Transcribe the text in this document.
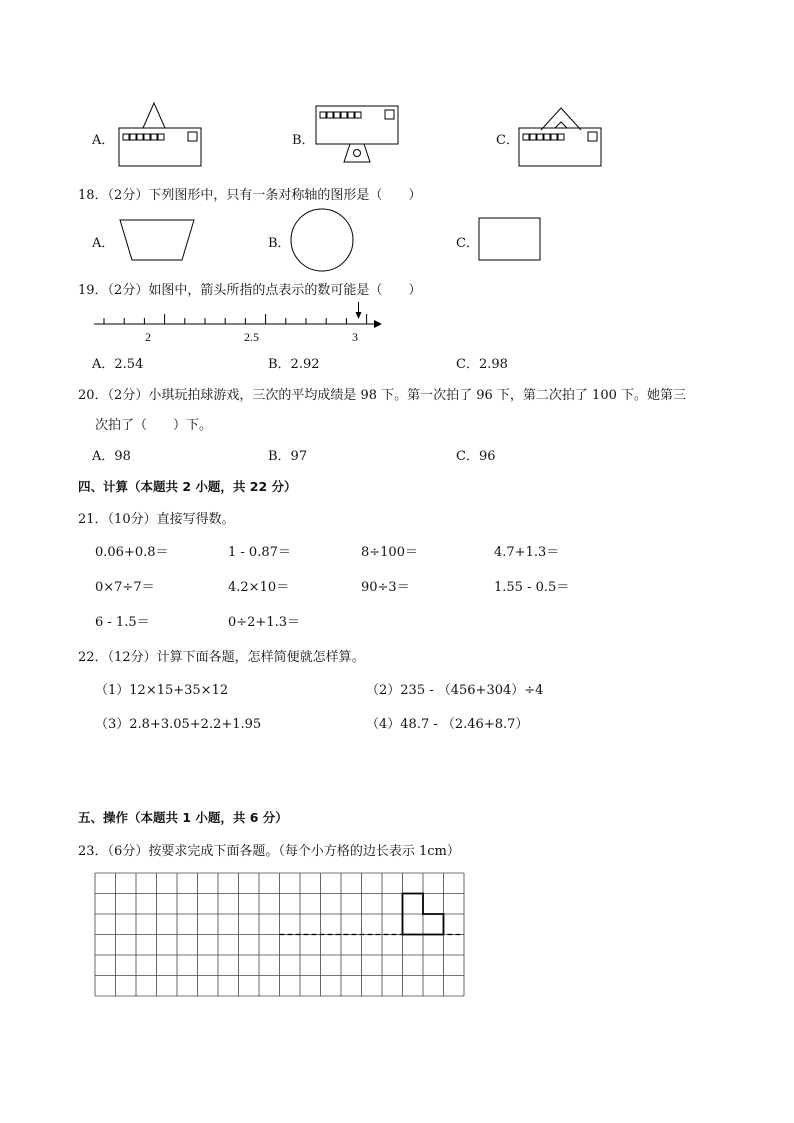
A．	B．	C．
18．（2分）下列图形中，只有一条对称轴的图形是（　　）
A．	B．	C．
19．（2分）如图中，箭头所指的点表示的数可能是（　　）
2	2.5	3
A．2.54	B．2.92	C．2.98
20．（2分）小琪玩拍球游戏，三次的平均成绩是 98 下。第一次拍了 96 下，第二次拍了 100 下。她第三
次拍了（　　）下。
A．98	B．97	C．96
四、计算（本题共 2 小题，共 22 分）
21．（10分）直接写得数。
0.06+0.8＝	1 - 0.87＝	8÷100＝	4.7+1.3＝
0×7÷7＝	4.2×10＝	90÷3＝	1.55 - 0.5＝
6 - 1.5＝	0÷2+1.3＝
22．（12分）计算下面各题，怎样简便就怎样算。
（1）12×15+35×12	（2）235 - （456+304）÷4
（3）2.8+3.05+2.2+1.95	（4）48.7 - （2.46+8.7）
五、操作（本题共 1 小题，共 6 分）
23．（6分）按要求完成下面各题。（每个小方格的边长表示 1cm）
